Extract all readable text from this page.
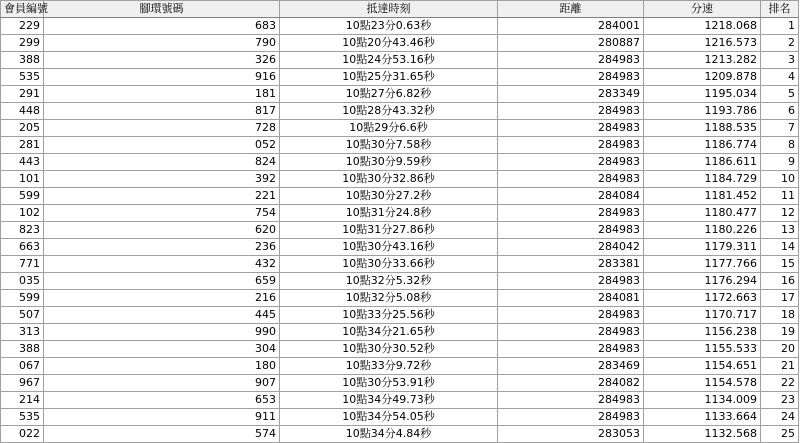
會員編號	腳環號碼	抵達時刻	距離	分速	排名
229	683	10點23分0.63秒	284001	1218.068	1
299	790	10點20分43.46秒	280887	1216.573	2
388	326	10點24分53.16秒	284983	1213.282	3
535	916	10點25分31.65秒	284983	1209.878	4
291	181	10點27分6.82秒	283349	1195.034	5
448	817	10點28分43.32秒	284983	1193.786	6
205	728	10點29分6.6秒	284983	1188.535	7
281	052	10點30分7.58秒	284983	1186.774	8
443	824	10點30分9.59秒	284983	1186.611	9
101	392	10點30分32.86秒	284983	1184.729	10
599	221	10點30分27.2秒	284084	1181.452	11
102	754	10點31分24.8秒	284983	1180.477	12
823	620	10點31分27.86秒	284983	1180.226	13
663	236	10點30分43.16秒	284042	1179.311	14
771	432	10點30分33.66秒	283381	1177.766	15
035	659	10點32分5.32秒	284983	1176.294	16
599	216	10點32分5.08秒	284081	1172.663	17
507	445	10點33分25.56秒	284983	1170.717	18
313	990	10點34分21.65秒	284983	1156.238	19
388	304	10點30分30.52秒	284983	1155.533	20
067	180	10點33分9.72秒	283469	1154.651	21
967	907	10點30分53.91秒	284082	1154.578	22
214	653	10點34分49.73秒	284983	1134.009	23
535	911	10點34分54.05秒	284983	1133.664	24
022	574	10點34分4.84秒	283053	1132.568	25
